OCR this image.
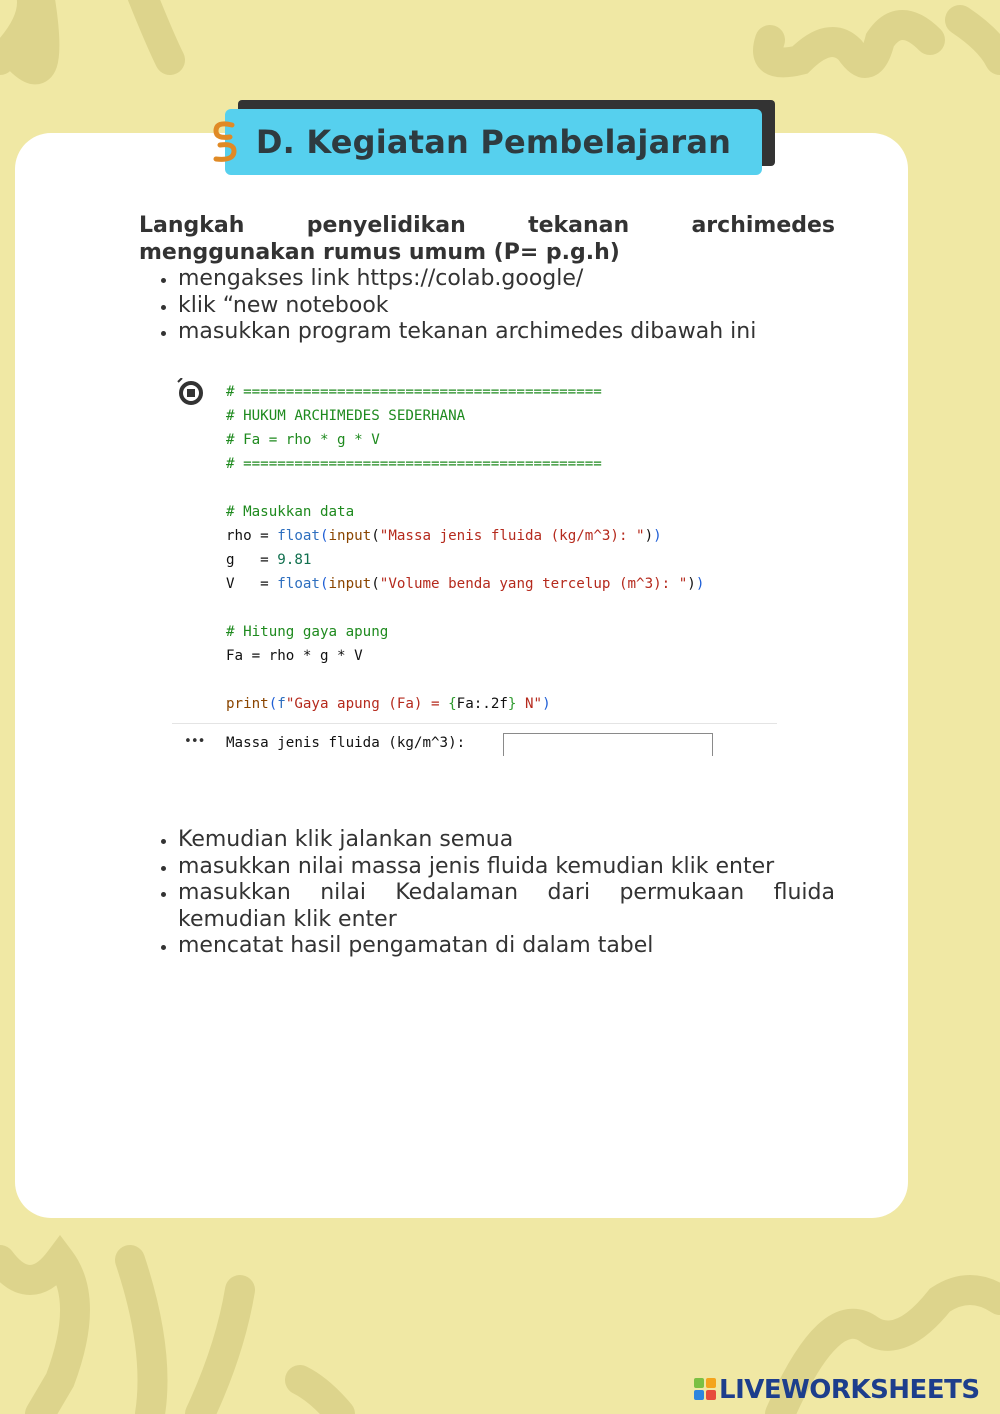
D. Kegiatan Pembelajaran
Langkah penyelidikan tekanan archimedes menggunakan rumus umum (P= p.g.h)
• mengakses link https://colab.google/
• klik “new notebook
• masukkan program tekanan archimedes dibawah ini
# ==========================================
# HUKUM ARCHIMEDES SEDERHANA
# Fa = rho * g * V
# ==========================================

# Masukkan data
rho = float(input("Massa jenis fluida (kg/m^3): "))
g   = 9.81
V   = float(input("Volume benda yang tercelup (m^3): "))

# Hitung gaya apung
Fa = rho * g * V

print(f"Gaya apung (Fa) = {Fa:.2f} N")
••• Massa jenis fluida (kg/m^3):
• Kemudian klik jalankan semua
• masukkan nilai massa jenis fluida kemudian klik enter
• masukkan nilai Kedalaman dari permukaan fluida kemudian klik enter
• mencatat hasil pengamatan di dalam tabel
LIVEWORKSHEETS
